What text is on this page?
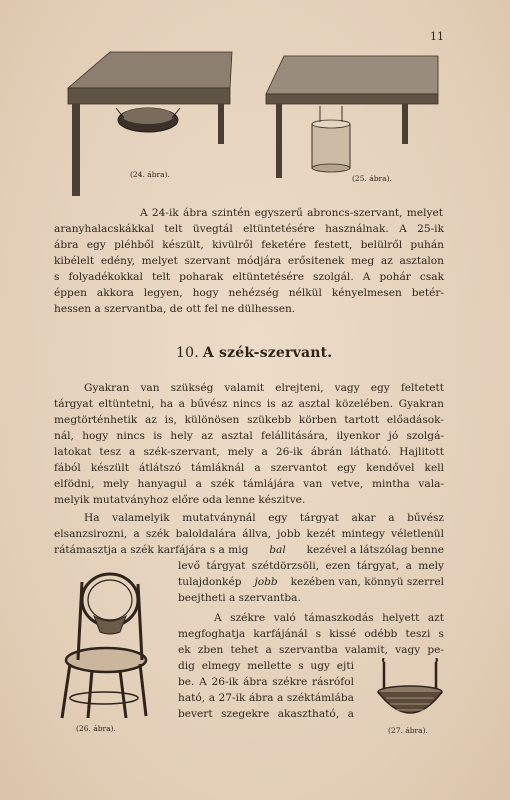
11
(24. ábra).	(25. ábra).
A 24-ik ábra szintén egyszerű abroncs-szervant, melyet
aranyhalacskákkal telt üvegtál eltüntetésére használnak. A 25-ik
ábra egy pléhből készült, kivülről feketére festett, belülről puhán
kibélelt edény, melyet szervant módjára erősitenek meg az asztalon
s folyadékokkal telt poharak eltüntetésére szolgál. A pohár csak
éppen akkora legyen, hogy nehézség nélkül kényelmesen betér-
hessen a szervantba, de ott fel ne dülhessen.
10. A szék-szervant.
Gyakran van szükség valamit elrejteni, vagy egy feltetett
tárgyat eltüntetni, ha a bűvész nincs is az asztal közelében. Gyakran
megtörténhetik az is, különösen szükebb körben tartott előadások-
nál, hogy nincs is hely az asztal felállitására, ilyenkor jó szolgá-
latokat tesz a szék-szervant, mely a 26-ik ábrán látható. Hajlitott
fából készült átlátszó támláknál a szervantot egy kendővel kell
elfödni, mely hanyagul a szék támlájára van vetve, mintha vala-
melyik mutatványhoz előre oda lenne készitve.
Ha valamelyik mutatványnál egy tárgyat akar a bűvész
elsanzsirozni, a szék baloldalára állva, jobb kezét mintegy véletlenül
rátámasztja a szék karfájára s a mig bal kezével a látszólag benne
levő tárgyat szétdörzsöli, ezen tárgyat, a mely
tulajdonkép jobb kezében van, könnyü szerrel
beejtheti a szervantba.
A székre való támaszkodás helyett azt
megfoghatja karfájánál s kissé odébb teszi s
ek zben tehet a szervantba valamit, vagy pe-
dig elmegy mellette s ugy ejti
be. A 26-ik ábra székre rásrófol
ható, a 27-ik ábra a széktámlába
bevert szegekre akasztható, a
(26. ábra).	(27. ábra).
